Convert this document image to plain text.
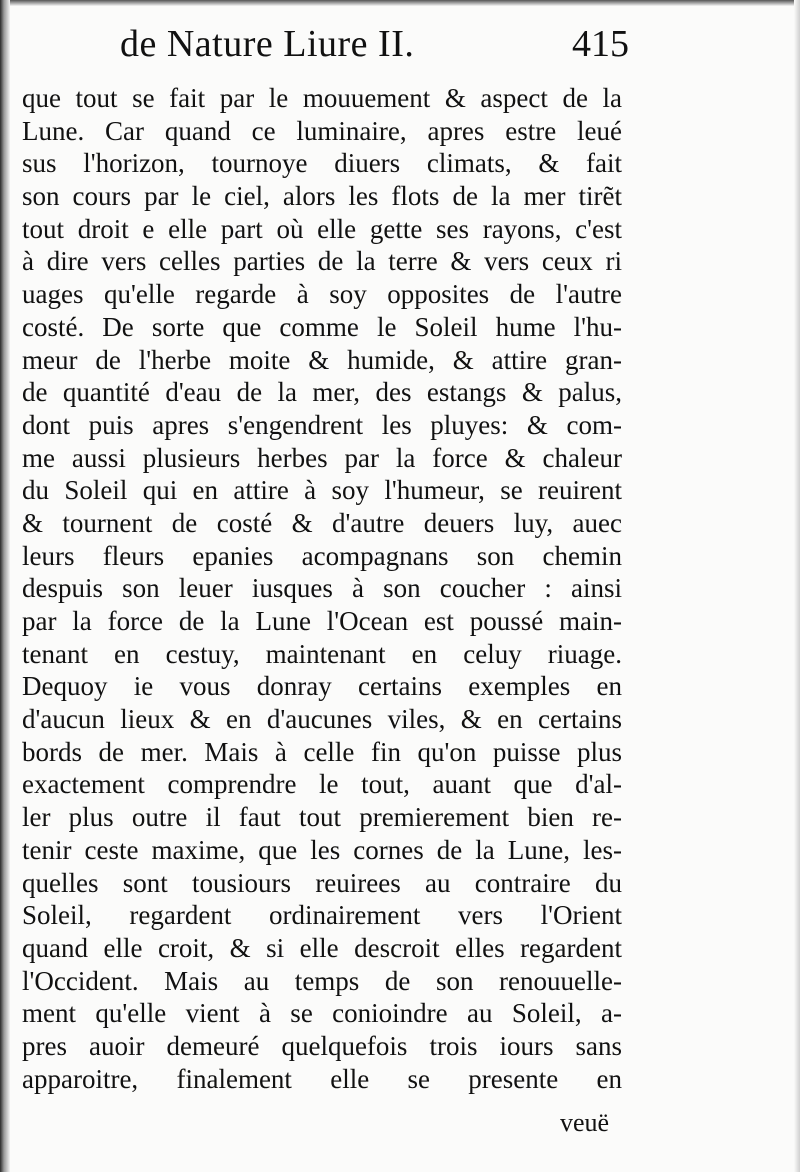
de Nature Liure II.	415
que tout se fait par le mouuement & aspect de la
Lune. Car quand ce luminaire, apres estre leué
sus l'horizon, tournoye diuers climats, & fait
son cours par le ciel, alors les flots de la mer tirẽt
tout droit e elle part où elle gette ses rayons, c'est
à dire vers celles parties de la terre & vers ceux ri
uages qu'elle regarde à soy opposites de l'autre
costé. De sorte que comme le Soleil hume l'hu-
meur de l'herbe moite & humide, & attire gran-
de quantité d'eau de la mer, des estangs & palus,
dont puis apres s'engendrent les pluyes: & com-
me aussi plusieurs herbes par la force & chaleur
du Soleil qui en attire à soy l'humeur, se reuirent
& tournent de costé & d'autre deuers luy, auec
leurs fleurs epanies acompagnans son chemin
despuis son leuer iusques à son coucher : ainsi
par la force de la Lune l'Ocean est poussé main-
tenant en cestuy, maintenant en celuy riuage.
Dequoy ie vous donray certains exemples en
d'aucun lieux & en d'aucunes viles, & en certains
bords de mer. Mais à celle fin qu'on puisse plus
exactement comprendre le tout, auant que d'al-
ler plus outre il faut tout premierement bien re-
tenir ceste maxime, que les cornes de la Lune, les-
quelles sont tousiours reuirees au contraire du
Soleil, regardent ordinairement vers l'Orient
quand elle croit, & si elle descroit elles regardent
l'Occident. Mais au temps de son renouuelle-
ment qu'elle vient à se conioindre au Soleil, a-
pres auoir demeuré quelquefois trois iours sans
apparoitre, finalement elle se presente en
veuë
